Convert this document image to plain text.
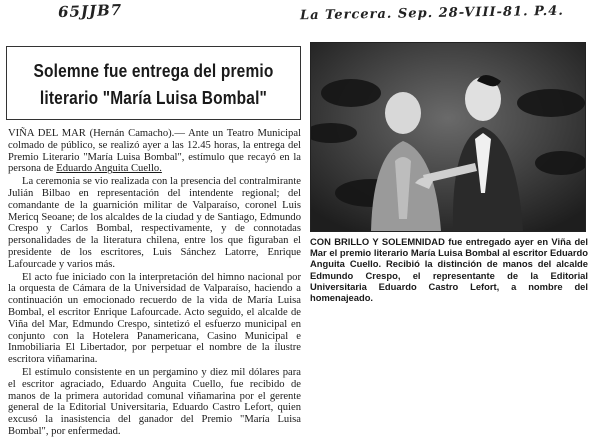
65JJB7	La Tercera. Sep. 28-VIII-81. P.4.
Solemne fue entrega del premio
literario "María Luisa Bombal"

VIÑA DEL MAR (Hernán Camacho).— Ante un Teatro Municipal colmado de público, se realizó ayer a las 12.45 horas, la entrega del Premio Literario "María Luisa Bombal", estímulo que recayó en la persona de Eduardo Anguita Cuello.

La ceremonia se vio realizada con la presencia del contralmirante Julián Bilbao en representación del intendente regional; del comandante de la guarnición militar de Valparaíso, coronel Luis Mericq Seoane; de los alcaldes de la ciudad y de Santiago, Edmundo Crespo y Carlos Bombal, respectivamente, y de connotadas personalidades de la literatura chilena, entre los que figuraban el presidente de los escritores, Luis Sánchez Latorre, Enrique Lafourcade y varios más.

El acto fue iniciado con la interpretación del himno nacional por la orquesta de Cámara de la Universidad de Valparaíso, haciendo a continuación un emocionado recuerdo de la vida de María Luisa Bombal, el escritor Enrique Lafourcade. Acto seguido, el alcalde de Viña del Mar, Edmundo Crespo, sintetizó el esfuerzo municipal en conjunto con la Hotelera Panamericana, Casino Municipal e Inmobiliaria El Libertador, por perpetuar el nombre de la ilustre escritora viñamarina.

El estímulo consistente en un pergamino y diez mil dólares para el escritor agraciado, Eduardo Anguita Cuello, fue recibido de manos de la primera autoridad comunal viñamarina por el gerente general de la Editorial Universitaria, Eduardo Castro Lefort, quien excusó la inasistencia del ganador del Premio "María Luisa Bombal", por enfermedad.

CON BRILLO Y SOLEMNIDAD fue entregado ayer en Viña del Mar el premio literario María Luisa Bombal al escritor Eduardo Anguita Cuello. Recibió la distinción de manos del alcalde Edmundo Crespo, el representante de la Editorial Universitaria Eduardo Castro Lefort, a nombre del homenajeado.
